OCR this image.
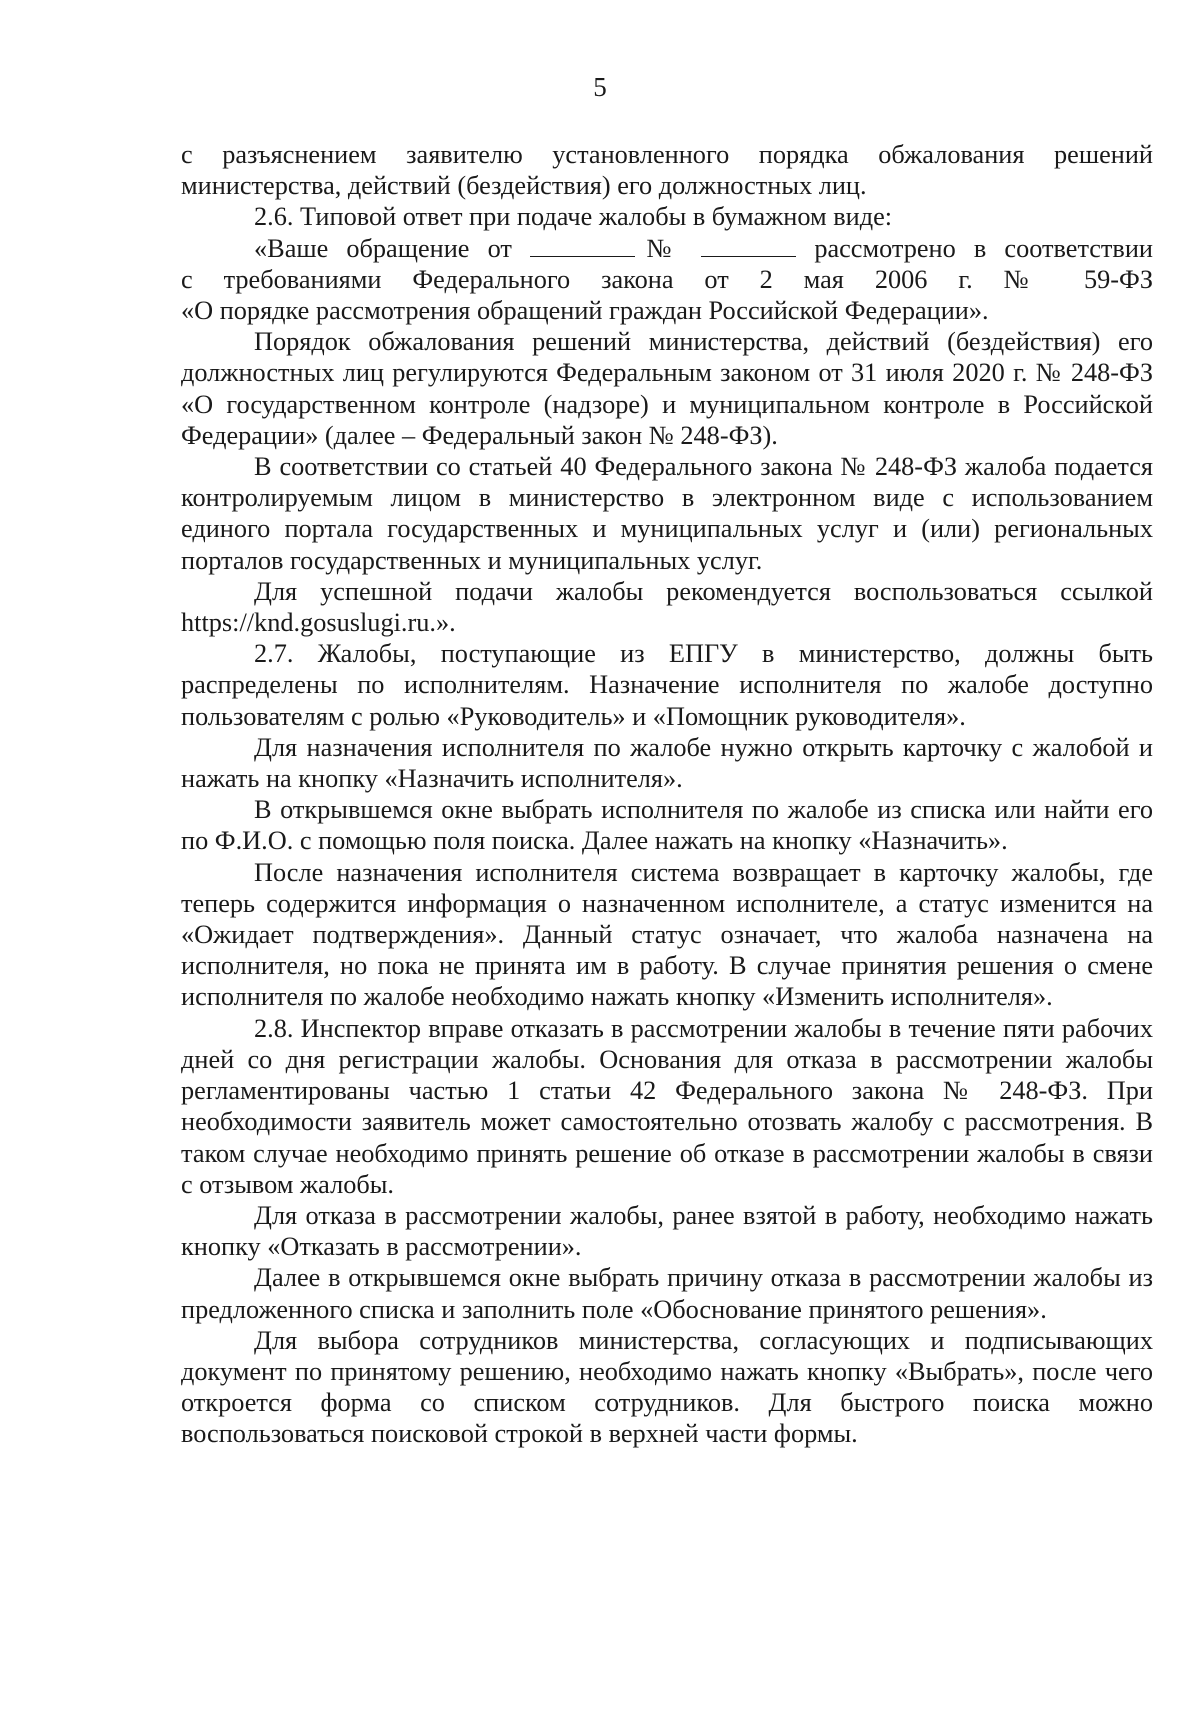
5

с разъяснением заявителю установленного порядка обжалования решений министерства, действий (бездействия) его должностных лиц.

2.6. Типовой ответ при подаче жалобы в бумажном виде:

«Ваше обращение от	№	рассмотрено в соответствии

с требованиями Федерального закона от 2 мая 2006 г. № 59-ФЗ

«О порядке рассмотрения обращений граждан Российской Федерации».

Порядок обжалования решений министерства, действий (бездействия) его должностных лиц регулируются Федеральным законом от 31 июля 2020 г. № 248-ФЗ «О государственном контроле (надзоре) и муниципальном контроле в Российской Федерации» (далее – Федеральный закон № 248-ФЗ).

В соответствии со статьей 40 Федерального закона № 248-ФЗ жалоба подается контролируемым лицом в министерство в электронном виде с использованием единого портала государственных и муниципальных услуг и (или) региональных порталов государственных и муниципальных услуг.

Для успешной подачи жалобы рекомендуется воспользоваться ссылкой https://knd.gosuslugi.ru.».

2.7. Жалобы, поступающие из ЕПГУ в министерство, должны быть распределены по исполнителям. Назначение исполнителя по жалобе доступно пользователям с ролью «Руководитель» и «Помощник руководителя».

Для назначения исполнителя по жалобе нужно открыть карточку с жалобой и нажать на кнопку «Назначить исполнителя».

В открывшемся окне выбрать исполнителя по жалобе из списка или найти его по Ф.И.О. с помощью поля поиска. Далее нажать на кнопку «Назначить».

После назначения исполнителя система возвращает в карточку жалобы, где теперь содержится информация о назначенном исполнителе, а статус изменится на «Ожидает подтверждения». Данный статус означает, что жалоба назначена на исполнителя, но пока не принята им в работу. В случае принятия решения о смене исполнителя по жалобе необходимо нажать кнопку «Изменить исполнителя».

2.8. Инспектор вправе отказать в рассмотрении жалобы в течение пяти рабочих дней со дня регистрации жалобы. Основания для отказа в рассмотрении жалобы регламентированы частью 1 статьи 42 Федерального закона № 248-ФЗ. При необходимости заявитель может самостоятельно отозвать жалобу с рассмотрения. В таком случае необходимо принять решение об отказе в рассмотрении жалобы в связи с отзывом жалобы.

Для отказа в рассмотрении жалобы, ранее взятой в работу, необходимо нажать кнопку «Отказать в рассмотрении».

Далее в открывшемся окне выбрать причину отказа в рассмотрении жалобы из предложенного списка и заполнить поле «Обоснование принятого решения».

Для выбора сотрудников министерства, согласующих и подписывающих документ по принятому решению, необходимо нажать кнопку «Выбрать», после чего откроется форма со списком сотрудников. Для быстрого поиска можно воспользоваться поисковой строкой в верхней части формы.
